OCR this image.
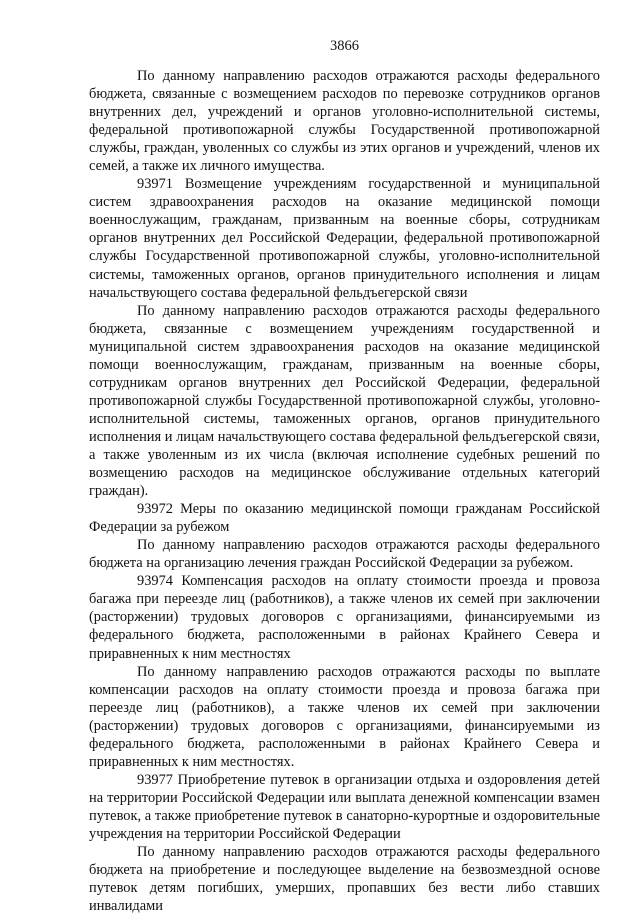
3866

По данному направлению расходов отражаются расходы федерального бюджета, связанные с возмещением расходов по перевозке сотрудников органов внутренних дел, учреждений и органов уголовно-исполнительной системы, федеральной противопожарной службы Государственной противопожарной службы, граждан, уволенных со службы из этих органов и учреждений, членов их семей, а также их личного имущества.

93971 Возмещение учреждениям государственной и муниципальной систем здравоохранения расходов на оказание медицинской помощи военнослужащим, гражданам, призванным на военные сборы, сотрудникам органов внутренних дел Российской Федерации, федеральной противопожарной службы Государственной противопожарной службы, уголовно-исполнительной системы, таможенных органов, органов принудительного исполнения и лицам начальствующего состава федеральной фельдъегерской связи

По данному направлению расходов отражаются расходы федерального бюджета, связанные с возмещением учреждениям государственной и муниципальной систем здравоохранения расходов на оказание медицинской помощи военнослужащим, гражданам, призванным на военные сборы, сотрудникам органов внутренних дел Российской Федерации, федеральной противопожарной службы Государственной противопожарной службы, уголовно-исполнительной системы, таможенных органов, органов принудительного исполнения и лицам начальствующего состава федеральной фельдъегерской связи, а также уволенным из их числа (включая исполнение судебных решений по возмещению расходов на медицинское обслуживание отдельных категорий граждан).

93972 Меры по оказанию медицинской помощи гражданам Российской Федерации за рубежом

По данному направлению расходов отражаются расходы федерального бюджета на организацию лечения граждан Российской Федерации за рубежом.

93974 Компенсация расходов на оплату стоимости проезда и провоза багажа при переезде лиц (работников), а также членов их семей при заключении (расторжении) трудовых договоров с организациями, финансируемыми из федерального бюджета, расположенными в районах Крайнего Севера и приравненных к ним местностях

По данному направлению расходов отражаются расходы по выплате компенсации расходов на оплату стоимости проезда и провоза багажа при переезде лиц (работников), а также членов их семей при заключении (расторжении) трудовых договоров с организациями, финансируемыми из федерального бюджета, расположенными в районах Крайнего Севера и приравненных к ним местностях.

93977 Приобретение путевок в организации отдыха и оздоровления детей на территории Российской Федерации или выплата денежной компенсации взамен путевок, а также приобретение путевок в санаторно-курортные и оздоровительные учреждения на территории Российской Федерации

По данному направлению расходов отражаются расходы федерального бюджета на приобретение и последующее выделение на безвозмездной основе путевок детям погибших, умерших, пропавших без вести либо ставших инвалидами
